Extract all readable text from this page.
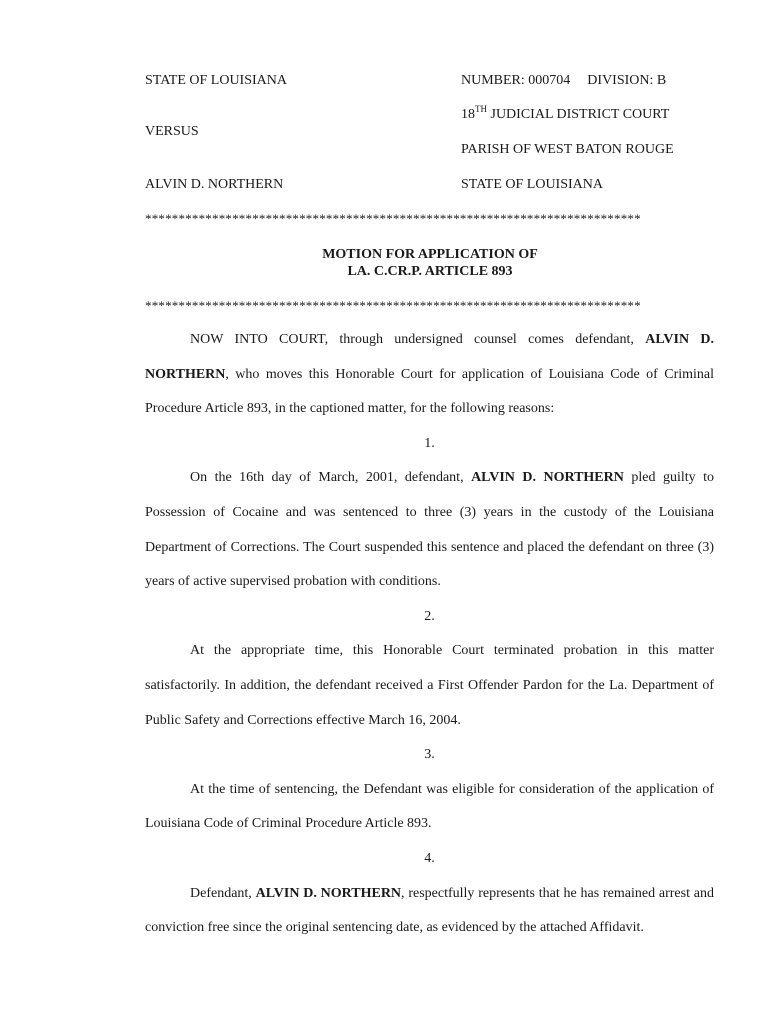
STATE OF LOUISIANA
VERSUS
ALVIN D. NORTHERN
NUMBER: 000704 DIVISION: B
18TH JUDICIAL DISTRICT COURT
PARISH OF WEST BATON ROUGE
STATE OF LOUISIANA
**************************************************************************
MOTION FOR APPLICATION OF
LA. C.CR.P. ARTICLE 893
**************************************************************************

NOW INTO COURT, through undersigned counsel comes defendant, ALVIN D. NORTHERN, who moves this Honorable Court for application of Louisiana Code of Criminal Procedure Article 893, in the captioned matter, for the following reasons:

1.

On the 16th day of March, 2001, defendant, ALVIN D. NORTHERN pled guilty to Possession of Cocaine and was sentenced to three (3) years in the custody of the Louisiana Department of Corrections. The Court suspended this sentence and placed the defendant on three (3) years of active supervised probation with conditions.

2.

At the appropriate time, this Honorable Court terminated probation in this matter satisfactorily. In addition, the defendant received a First Offender Pardon for the La. Department of Public Safety and Corrections effective March 16, 2004.

3.

At the time of sentencing, the Defendant was eligible for consideration of the application of Louisiana Code of Criminal Procedure Article 893.

4.

Defendant, ALVIN D. NORTHERN, respectfully represents that he has remained arrest and conviction free since the original sentencing date, as evidenced by the attached Affidavit.
